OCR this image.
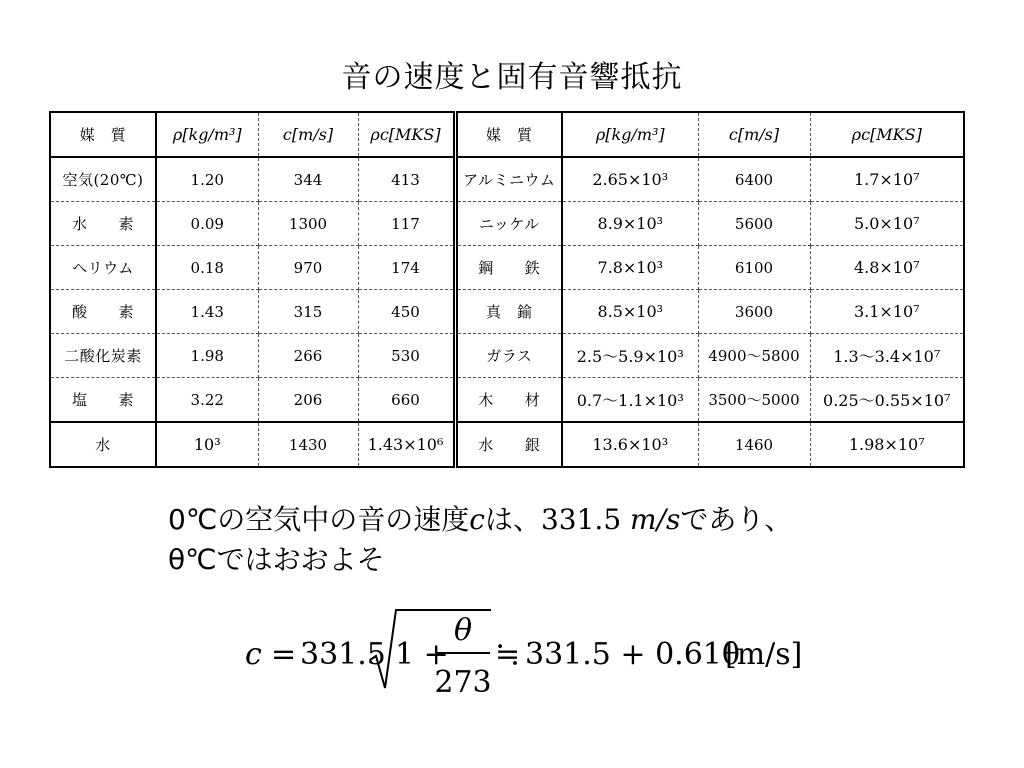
音の速度と固有音響抵抗
媒　質	ρ[kg/m³]	c[m/s]	ρc[MKS]	媒　質	ρ[kg/m³]	c[m/s]	ρc[MKS]
空気(20℃)	1.20	344	413	アルミニウム	2.65×10³	6400	1.7×10⁷
水　　素	0.09	1300	117	ニッケル	8.9×10³	5600	5.0×10⁷
ヘリウム	0.18	970	174	鋼　　鉄	7.8×10³	6100	4.8×10⁷
酸　　素	1.43	315	450	真　鍮	8.5×10³	3600	3.1×10⁷
二酸化炭素	1.98	266	530	ガラス	2.5〜5.9×10³	4900〜5800	1.3〜3.4×10⁷
塩　　素	3.22	206	660	木　　材	0.7〜1.1×10³	3500〜5000	0.25〜0.55×10⁷
水	10³	1430	1.43×10⁶	水　　銀	13.6×10³	1460	1.98×10⁷
0℃の空気中の音の速度cは、331.5 m/sであり、
θ℃ではおおよそ
c = 331.5 1 +
θ
273
≒ 331.5 + 0.61θ
[m/s]
